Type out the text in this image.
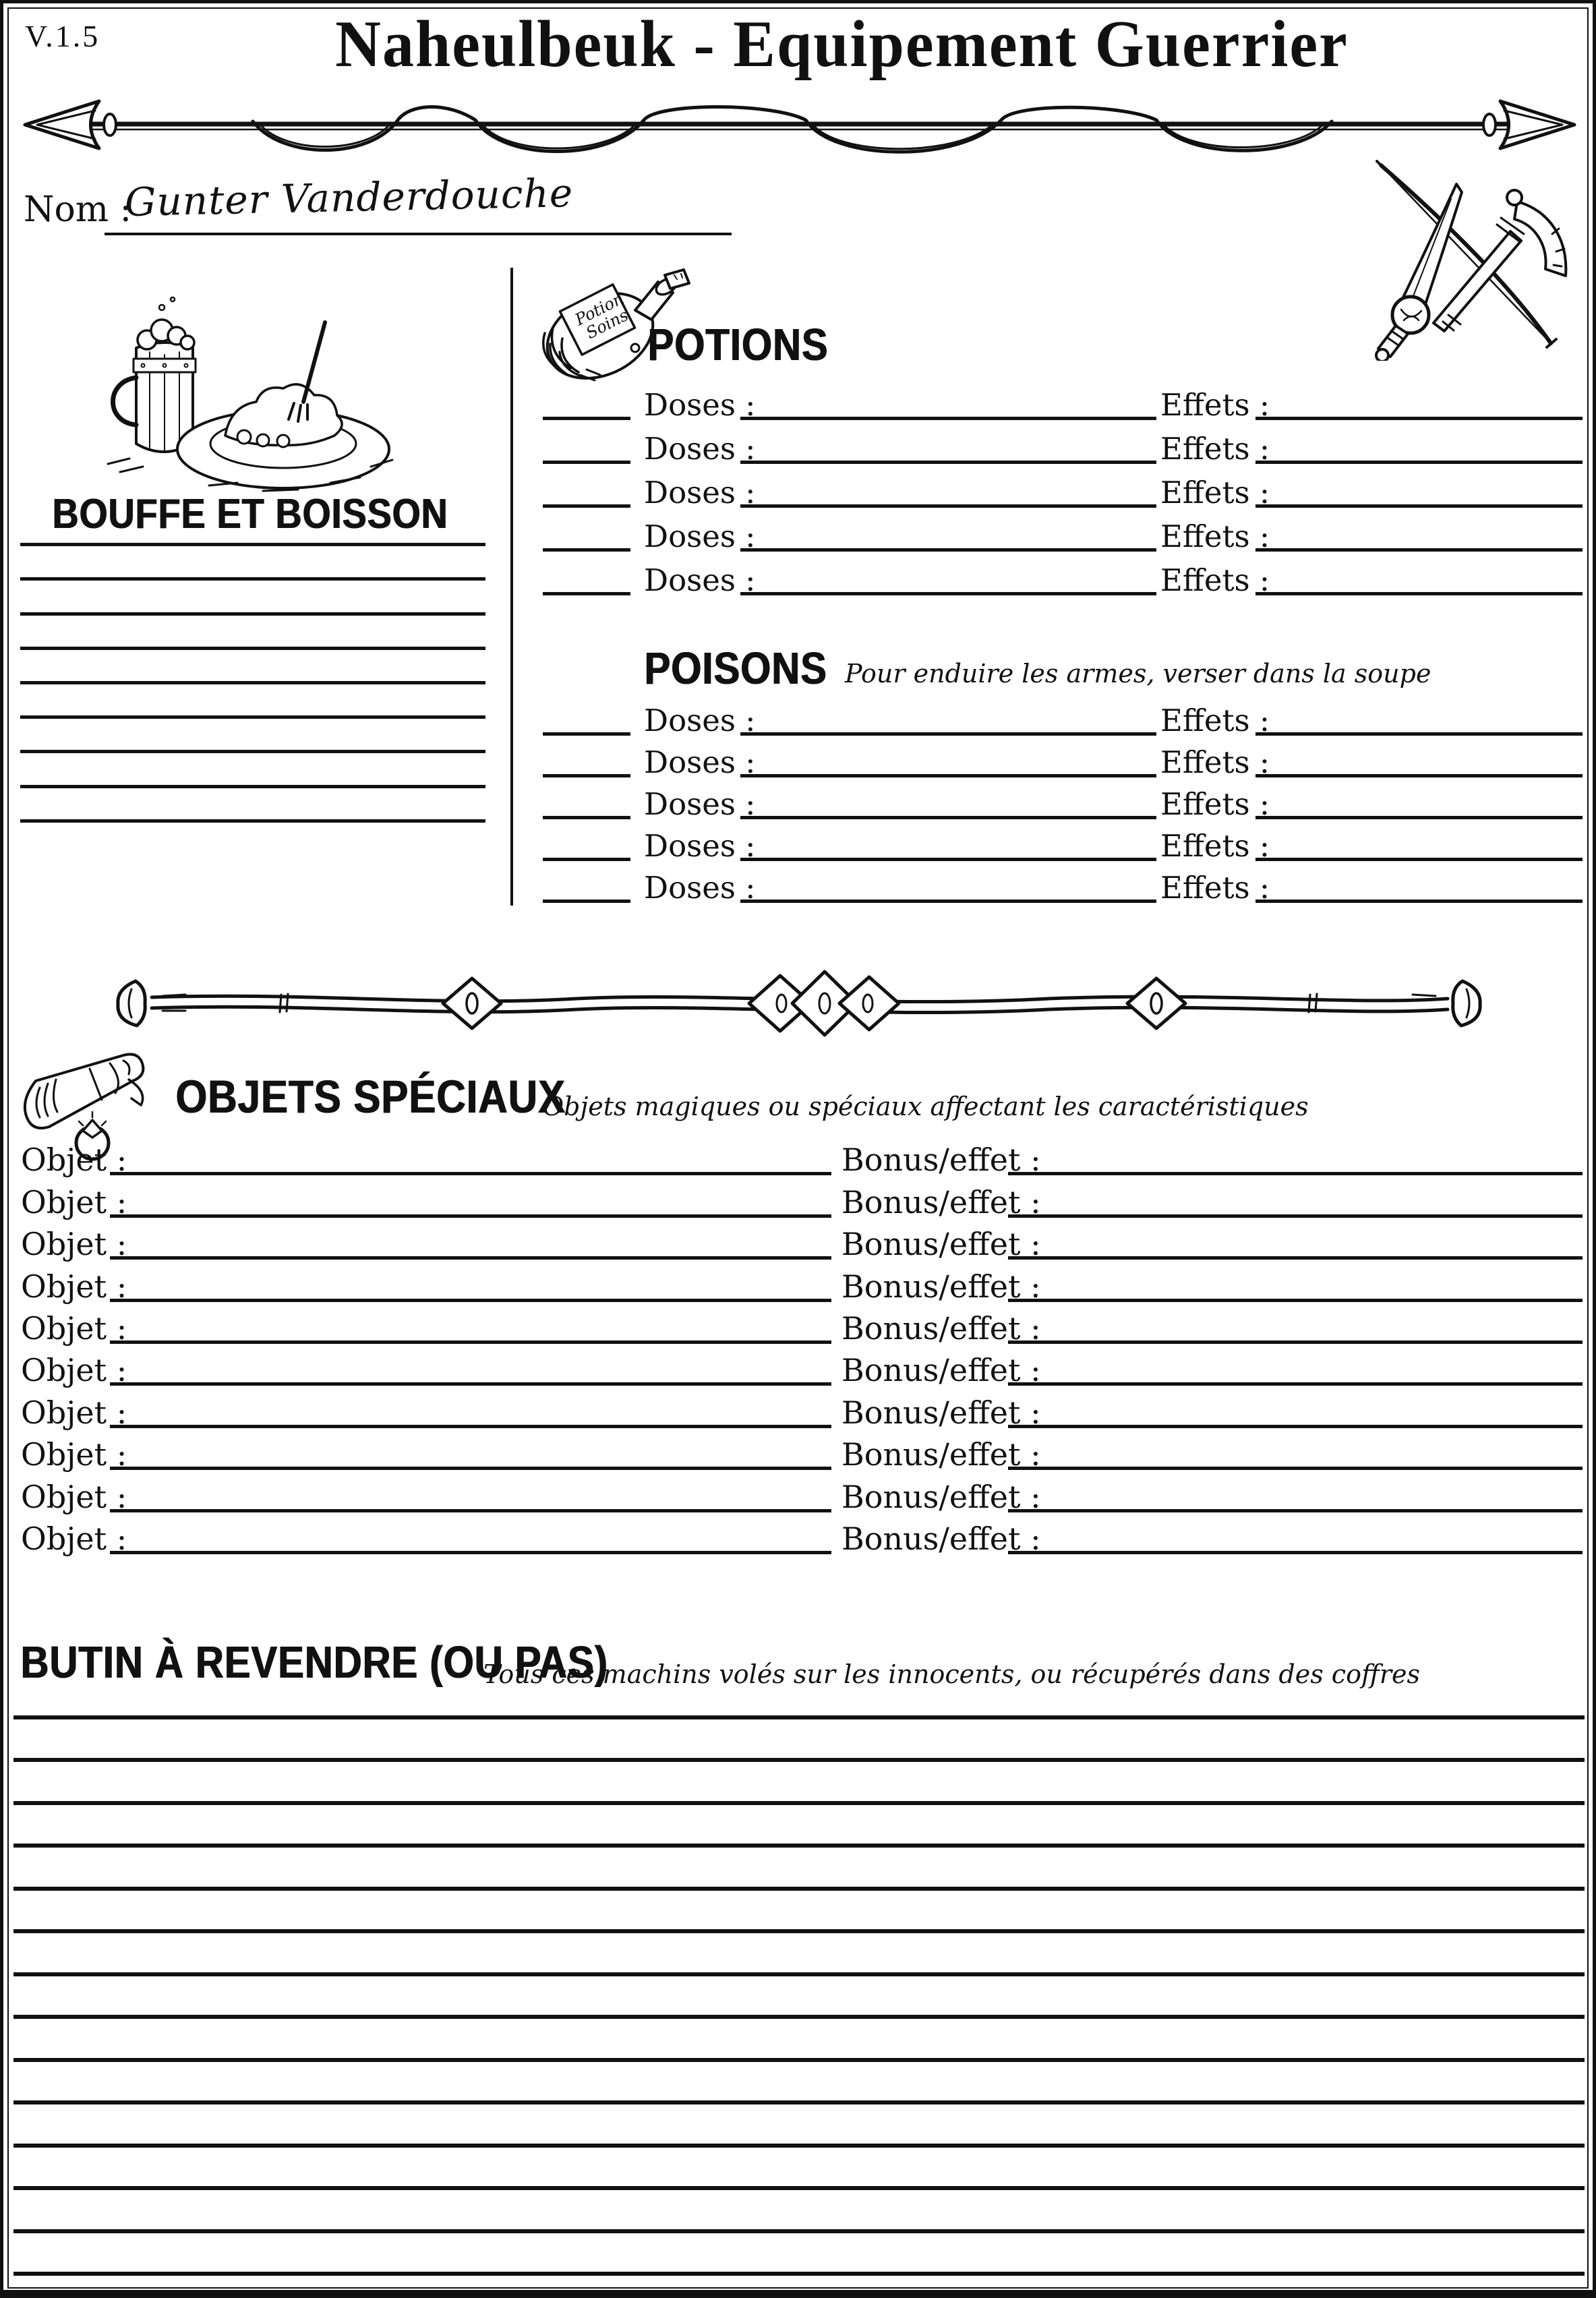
V.1.5	Naheulbeuk - Equipement Guerrier
Nom :
Gunter Vanderdouche
BOUFFE ET BOISSON
Potion Soins POTIONS
Doses :	Effets :
Doses :	Effets :
Doses :	Effets :
Doses :	Effets :
Doses :	Effets :
POISONS Pour enduire les armes, verser dans la soupe
Doses :	Effets :
Doses :	Effets :
Doses :	Effets :
Doses :	Effets :
Doses :	Effets :
OBJETS SPÉCIAUX
Objets magiques ou spéciaux affectant les caractéristiques
Objet :	Bonus/effet :
Objet :	Bonus/effet :
Objet :	Bonus/effet :
Objet :	Bonus/effet :
Objet :	Bonus/effet :
Objet :	Bonus/effet :
Objet :	Bonus/effet :
Objet :	Bonus/effet :
Objet :	Bonus/effet :
Objet :	Bonus/effet :
BUTIN À REVENDRE (OU PAS)
Tous ces machins volés sur les innocents, ou récupérés dans des coffres
